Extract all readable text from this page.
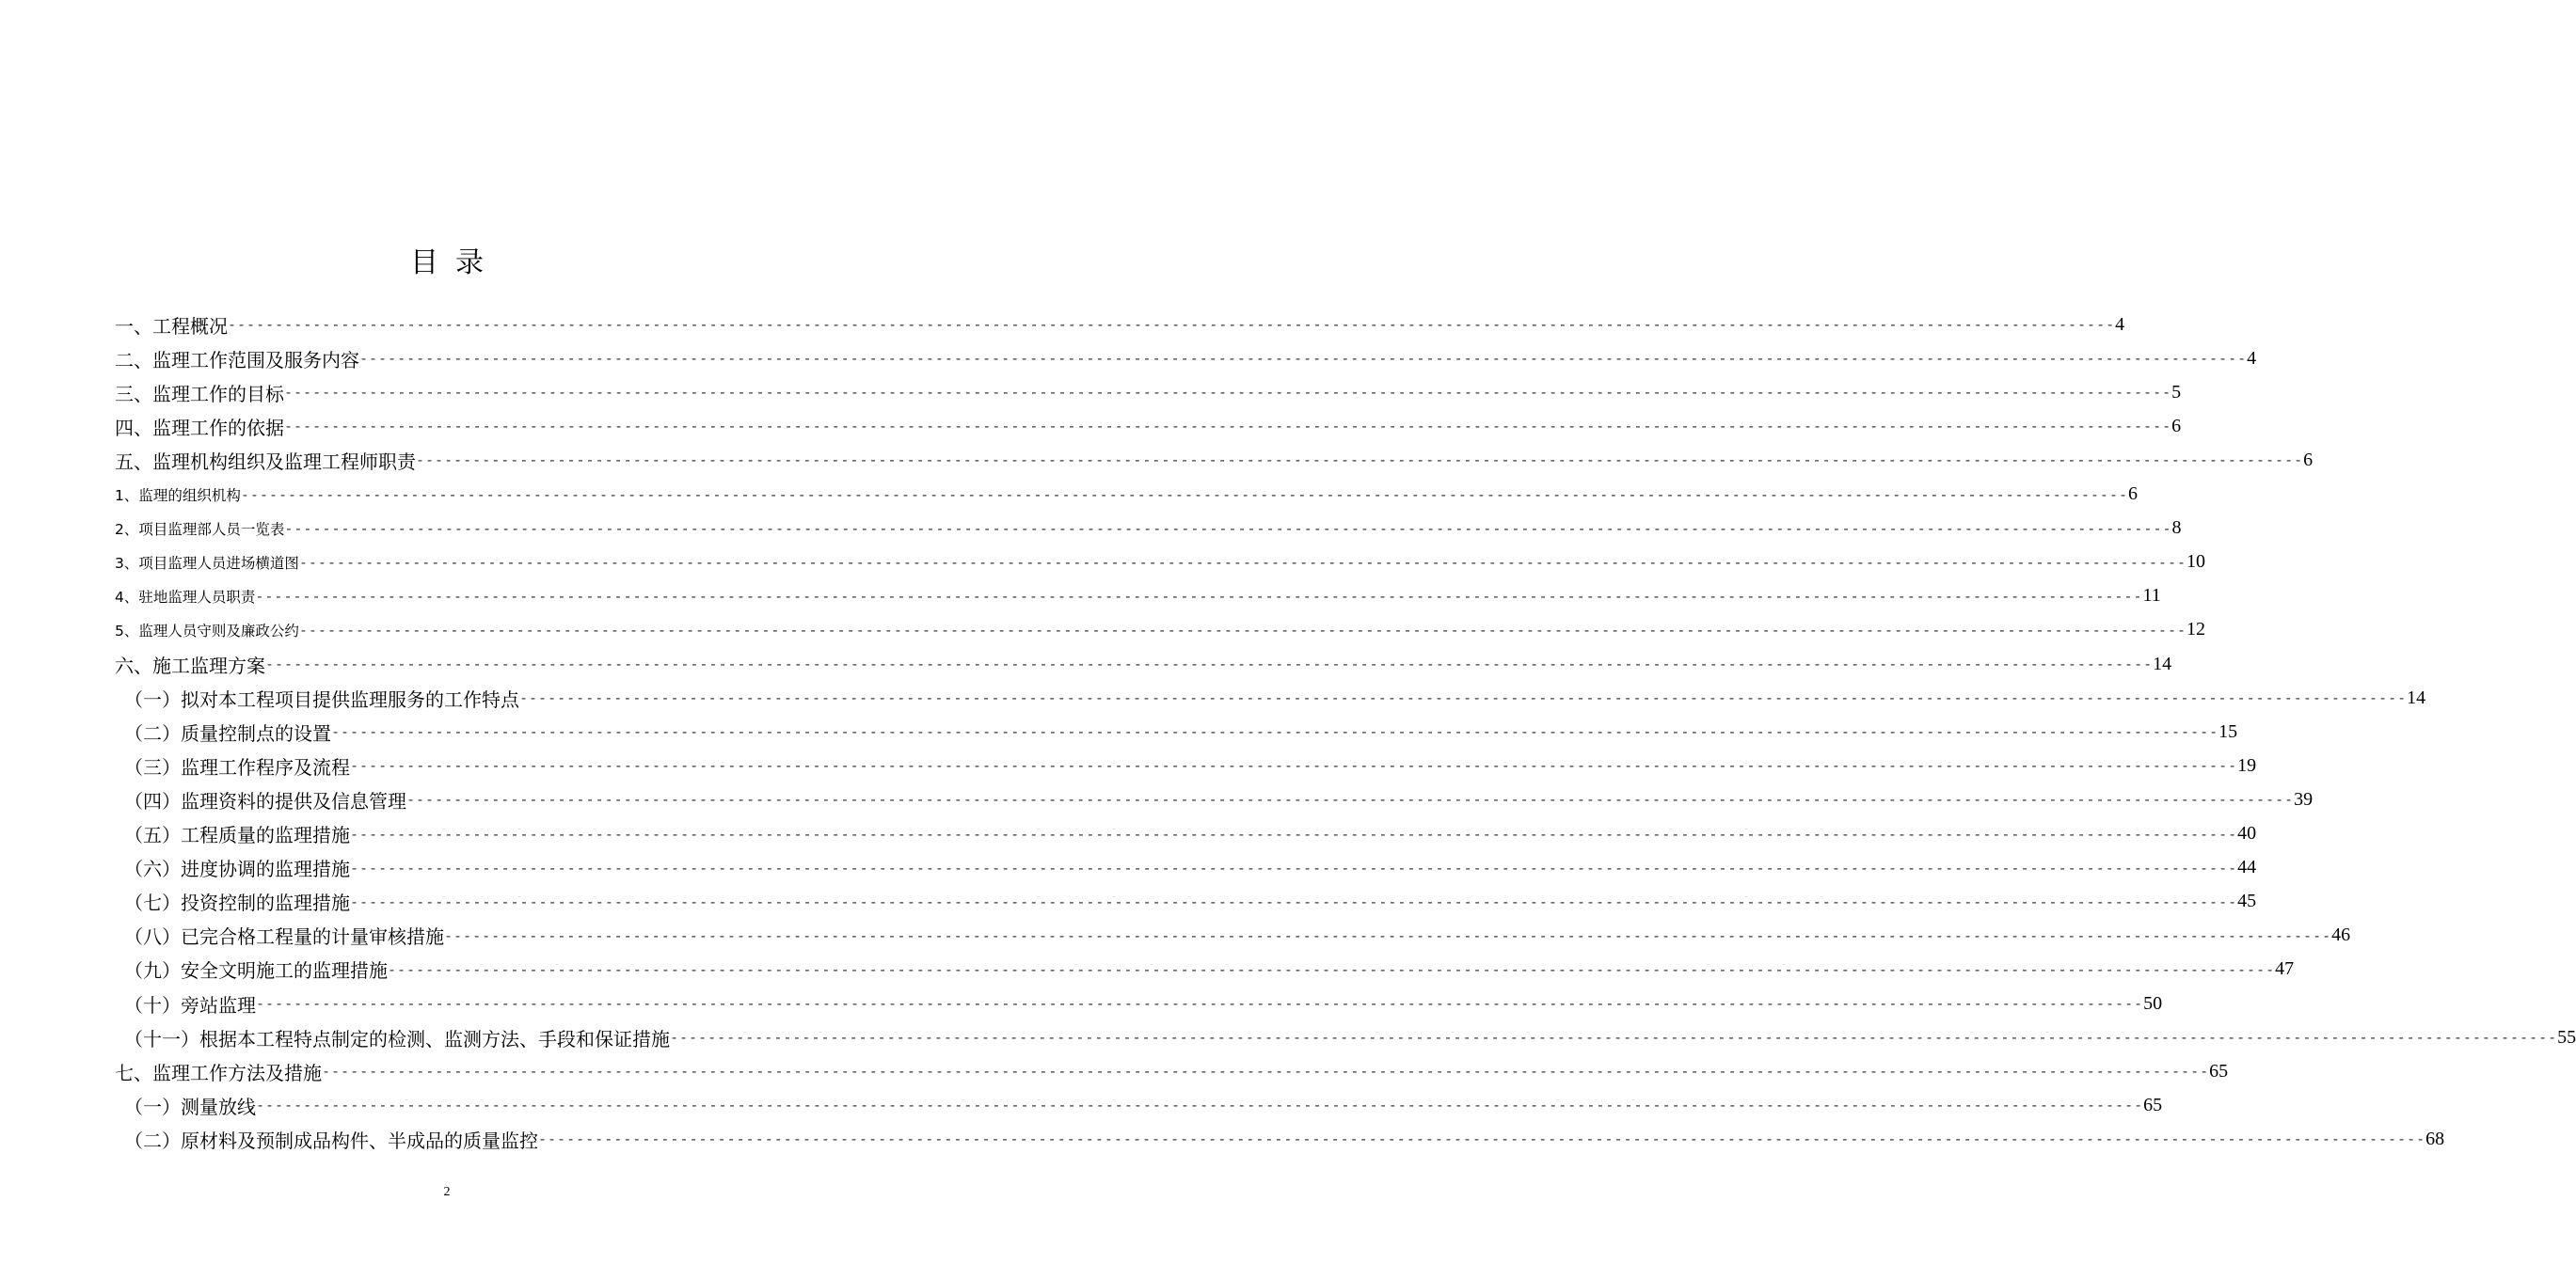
目录
一、工程概况 -------------------------------------------------------------------------------------------------------------------------------------------------------------------------------------------------------- 4
二、监理工作范围及服务内容 -------------------------------------------------------------------------------------------------------------------------------------------------------------------------------------------------------- 4
三、监理工作的目标 -------------------------------------------------------------------------------------------------------------------------------------------------------------------------------------------------------- 5
四、监理工作的依据 -------------------------------------------------------------------------------------------------------------------------------------------------------------------------------------------------------- 6
五、监理机构组织及监理工程师职责 -------------------------------------------------------------------------------------------------------------------------------------------------------------------------------------------------------- 6
1、监理的组织机构 -------------------------------------------------------------------------------------------------------------------------------------------------------------------------------------------------------- 6
2、项目监理部人员一览表 -------------------------------------------------------------------------------------------------------------------------------------------------------------------------------------------------------- 8
3、项目监理人员进场横道图 -------------------------------------------------------------------------------------------------------------------------------------------------------------------------------------------------------- 10
4、驻地监理人员职责 -------------------------------------------------------------------------------------------------------------------------------------------------------------------------------------------------------- 11
5、监理人员守则及廉政公约 -------------------------------------------------------------------------------------------------------------------------------------------------------------------------------------------------------- 12
六、施工监理方案 -------------------------------------------------------------------------------------------------------------------------------------------------------------------------------------------------------- 14
（一）拟对本工程项目提供监理服务的工作特点 -------------------------------------------------------------------------------------------------------------------------------------------------------------------------------------------------------- 14
（二）质量控制点的设置 -------------------------------------------------------------------------------------------------------------------------------------------------------------------------------------------------------- 15
（三）监理工作程序及流程 -------------------------------------------------------------------------------------------------------------------------------------------------------------------------------------------------------- 19
（四）监理资料的提供及信息管理 -------------------------------------------------------------------------------------------------------------------------------------------------------------------------------------------------------- 39
（五）工程质量的监理措施 -------------------------------------------------------------------------------------------------------------------------------------------------------------------------------------------------------- 40
（六）进度协调的监理措施 -------------------------------------------------------------------------------------------------------------------------------------------------------------------------------------------------------- 44
（七）投资控制的监理措施 -------------------------------------------------------------------------------------------------------------------------------------------------------------------------------------------------------- 45
（八）已完合格工程量的计量审核措施 -------------------------------------------------------------------------------------------------------------------------------------------------------------------------------------------------------- 46
（九）安全文明施工的监理措施 -------------------------------------------------------------------------------------------------------------------------------------------------------------------------------------------------------- 47
（十）旁站监理 -------------------------------------------------------------------------------------------------------------------------------------------------------------------------------------------------------- 50
（十一）根据本工程特点制定的检测、监测方法、手段和保证措施 -------------------------------------------------------------------------------------------------------------------------------------------------------------------------------------------------------- 55
七、监理工作方法及措施 -------------------------------------------------------------------------------------------------------------------------------------------------------------------------------------------------------- 65
（一）测量放线 -------------------------------------------------------------------------------------------------------------------------------------------------------------------------------------------------------- 65
（二）原材料及预制成品构件、半成品的质量监控 -------------------------------------------------------------------------------------------------------------------------------------------------------------------------------------------------------- 68
2
